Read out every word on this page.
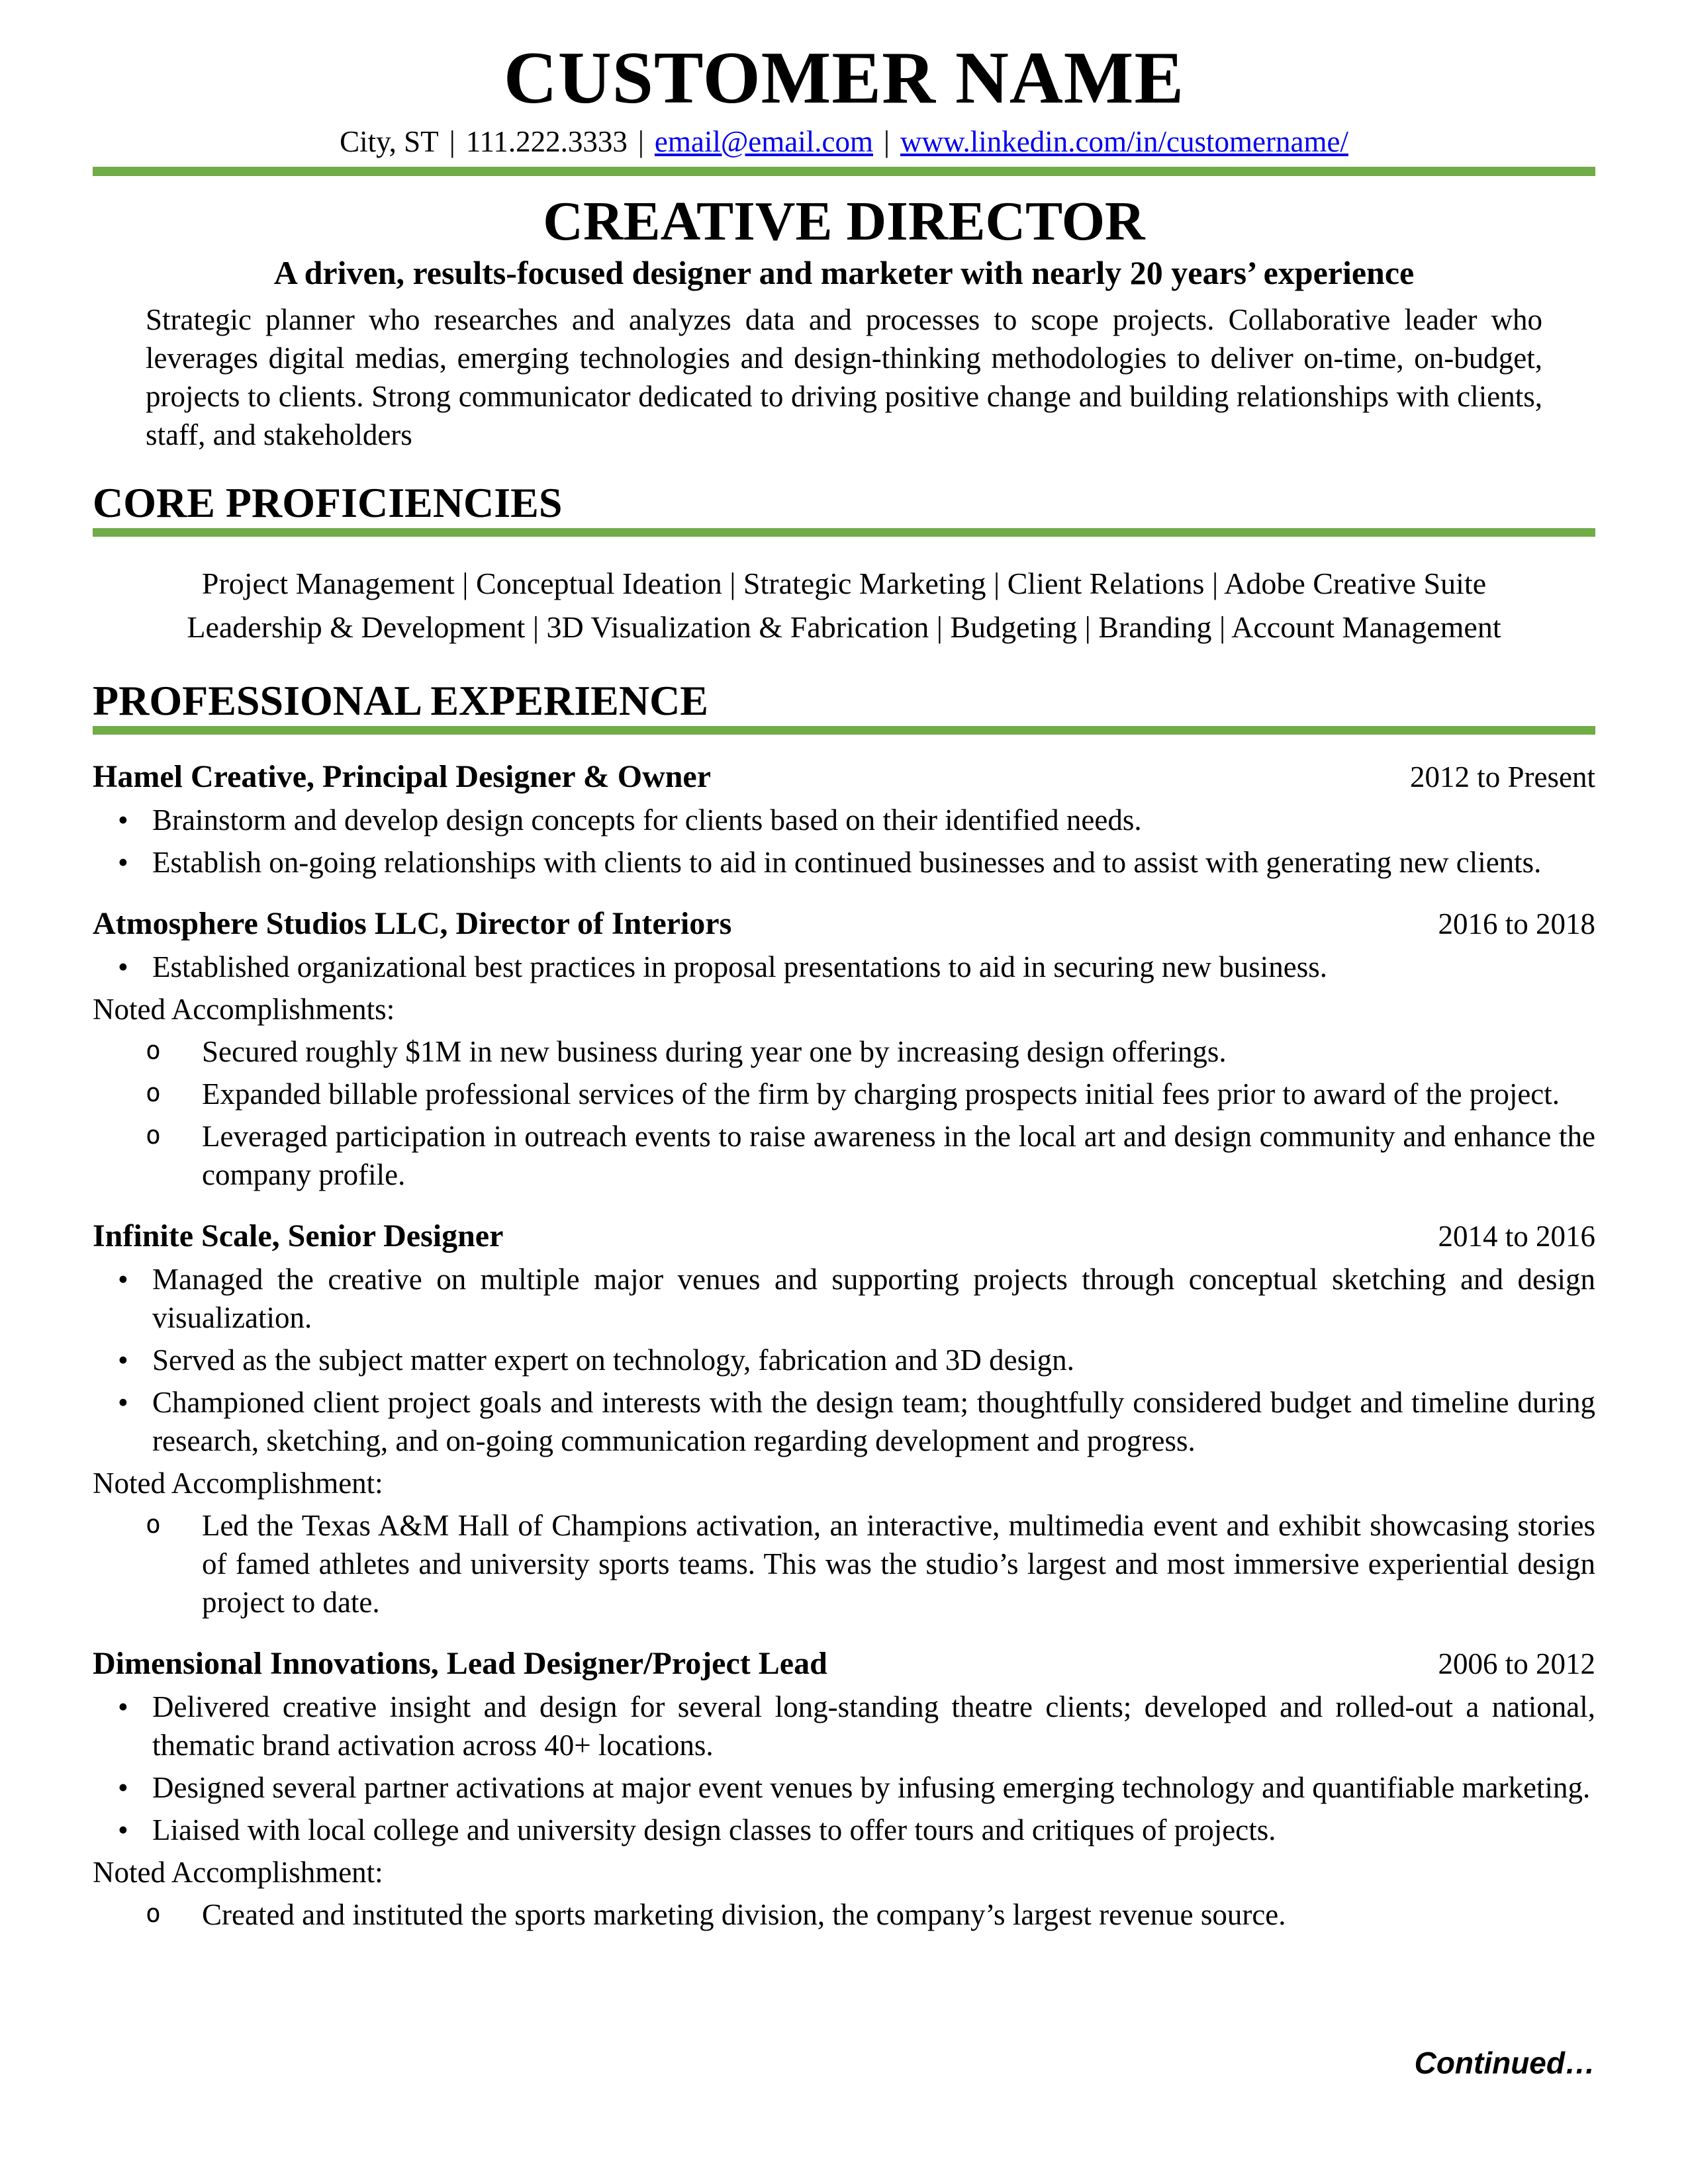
CUSTOMER NAME
City, ST | 111.222.3333 | email@email.com | www.linkedin.com/in/customername/
CREATIVE DIRECTOR
A driven, results-focused designer and marketer with nearly 20 years’ experience
Strategic planner who researches and analyzes data and processes to scope projects. Collaborative leader who leverages digital medias, emerging technologies and design-thinking methodologies to deliver on-time, on-budget, projects to clients. Strong communicator dedicated to driving positive change and building relationships with clients, staff, and stakeholders
CORE PROFICIENCIES
Project Management | Conceptual Ideation | Strategic Marketing | Client Relations | Adobe Creative Suite
Leadership & Development | 3D Visualization & Fabrication | Budgeting | Branding | Account Management
PROFESSIONAL EXPERIENCE
Hamel Creative, Principal Designer & Owner	2012 to Present
• Brainstorm and develop design concepts for clients based on their identified needs.
• Establish on-going relationships with clients to aid in continued businesses and to assist with generating new clients.
Atmosphere Studios LLC, Director of Interiors	2016 to 2018
• Established organizational best practices in proposal presentations to aid in securing new business.
Noted Accomplishments:
o Secured roughly $1M in new business during year one by increasing design offerings.
o Expanded billable professional services of the firm by charging prospects initial fees prior to award of the project.
o Leveraged participation in outreach events to raise awareness in the local art and design community and enhance the company profile.
Infinite Scale, Senior Designer	2014 to 2016
• Managed the creative on multiple major venues and supporting projects through conceptual sketching and design visualization.
• Served as the subject matter expert on technology, fabrication and 3D design.
• Championed client project goals and interests with the design team; thoughtfully considered budget and timeline during research, sketching, and on-going communication regarding development and progress.
Noted Accomplishment:
o Led the Texas A&M Hall of Champions activation, an interactive, multimedia event and exhibit showcasing stories of famed athletes and university sports teams. This was the studio’s largest and most immersive experiential design project to date.
Dimensional Innovations, Lead Designer/Project Lead	2006 to 2012
• Delivered creative insight and design for several long-standing theatre clients; developed and rolled-out a national, thematic brand activation across 40+ locations.
• Designed several partner activations at major event venues by infusing emerging technology and quantifiable marketing.
• Liaised with local college and university design classes to offer tours and critiques of projects.
Noted Accomplishment:
o Created and instituted the sports marketing division, the company’s largest revenue source.
Continued…
